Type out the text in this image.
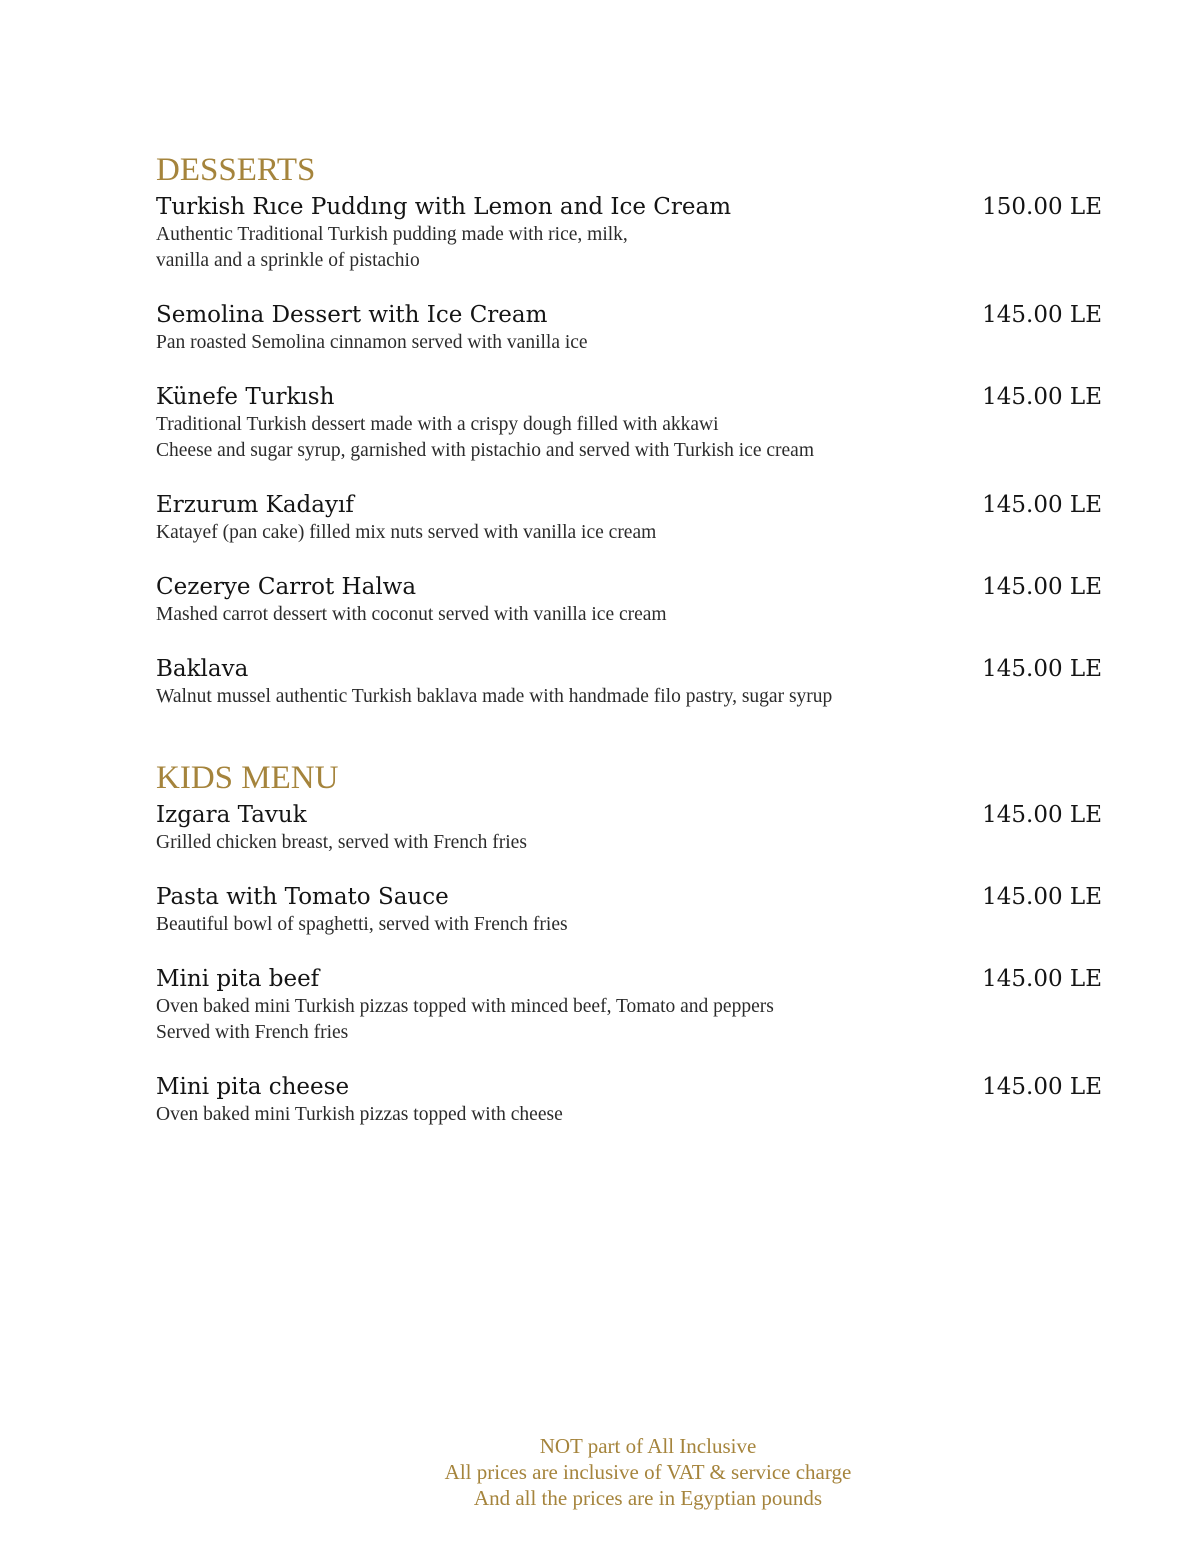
DESSERTS

Turkish Rıce Puddıng with Lemon and Ice Cream	150.00 LE

Authentic Traditional Turkish pudding made with rice, milk,
vanilla and a sprinkle of pistachio

Semolina Dessert with Ice Cream	145.00 LE

Pan roasted Semolina cinnamon served with vanilla ice

Künefe Turkısh	145.00 LE

Traditional Turkish dessert made with a crispy dough filled with akkawi
Cheese and sugar syrup, garnished with pistachio and served with Turkish ice cream

Erzurum Kadayıf	145.00 LE

Katayef (pan cake) filled mix nuts served with vanilla ice cream

Cezerye Carrot Halwa	145.00 LE

Mashed carrot dessert with coconut served with vanilla ice cream

Baklava	145.00 LE

Walnut mussel authentic Turkish baklava made with handmade filo pastry, sugar syrup

KIDS MENU

Izgara Tavuk	145.00 LE

Grilled chicken breast, served with French fries

Pasta with Tomato Sauce	145.00 LE

Beautiful bowl of spaghetti, served with French fries

Mini pita beef	145.00 LE

Oven baked mini Turkish pizzas topped with minced beef, Tomato and peppers
Served with French fries

Mini pita cheese	145.00 LE

Oven baked mini Turkish pizzas topped with cheese

NOT part of All Inclusive
All prices are inclusive of VAT & service charge
And all the prices are in Egyptian pounds
